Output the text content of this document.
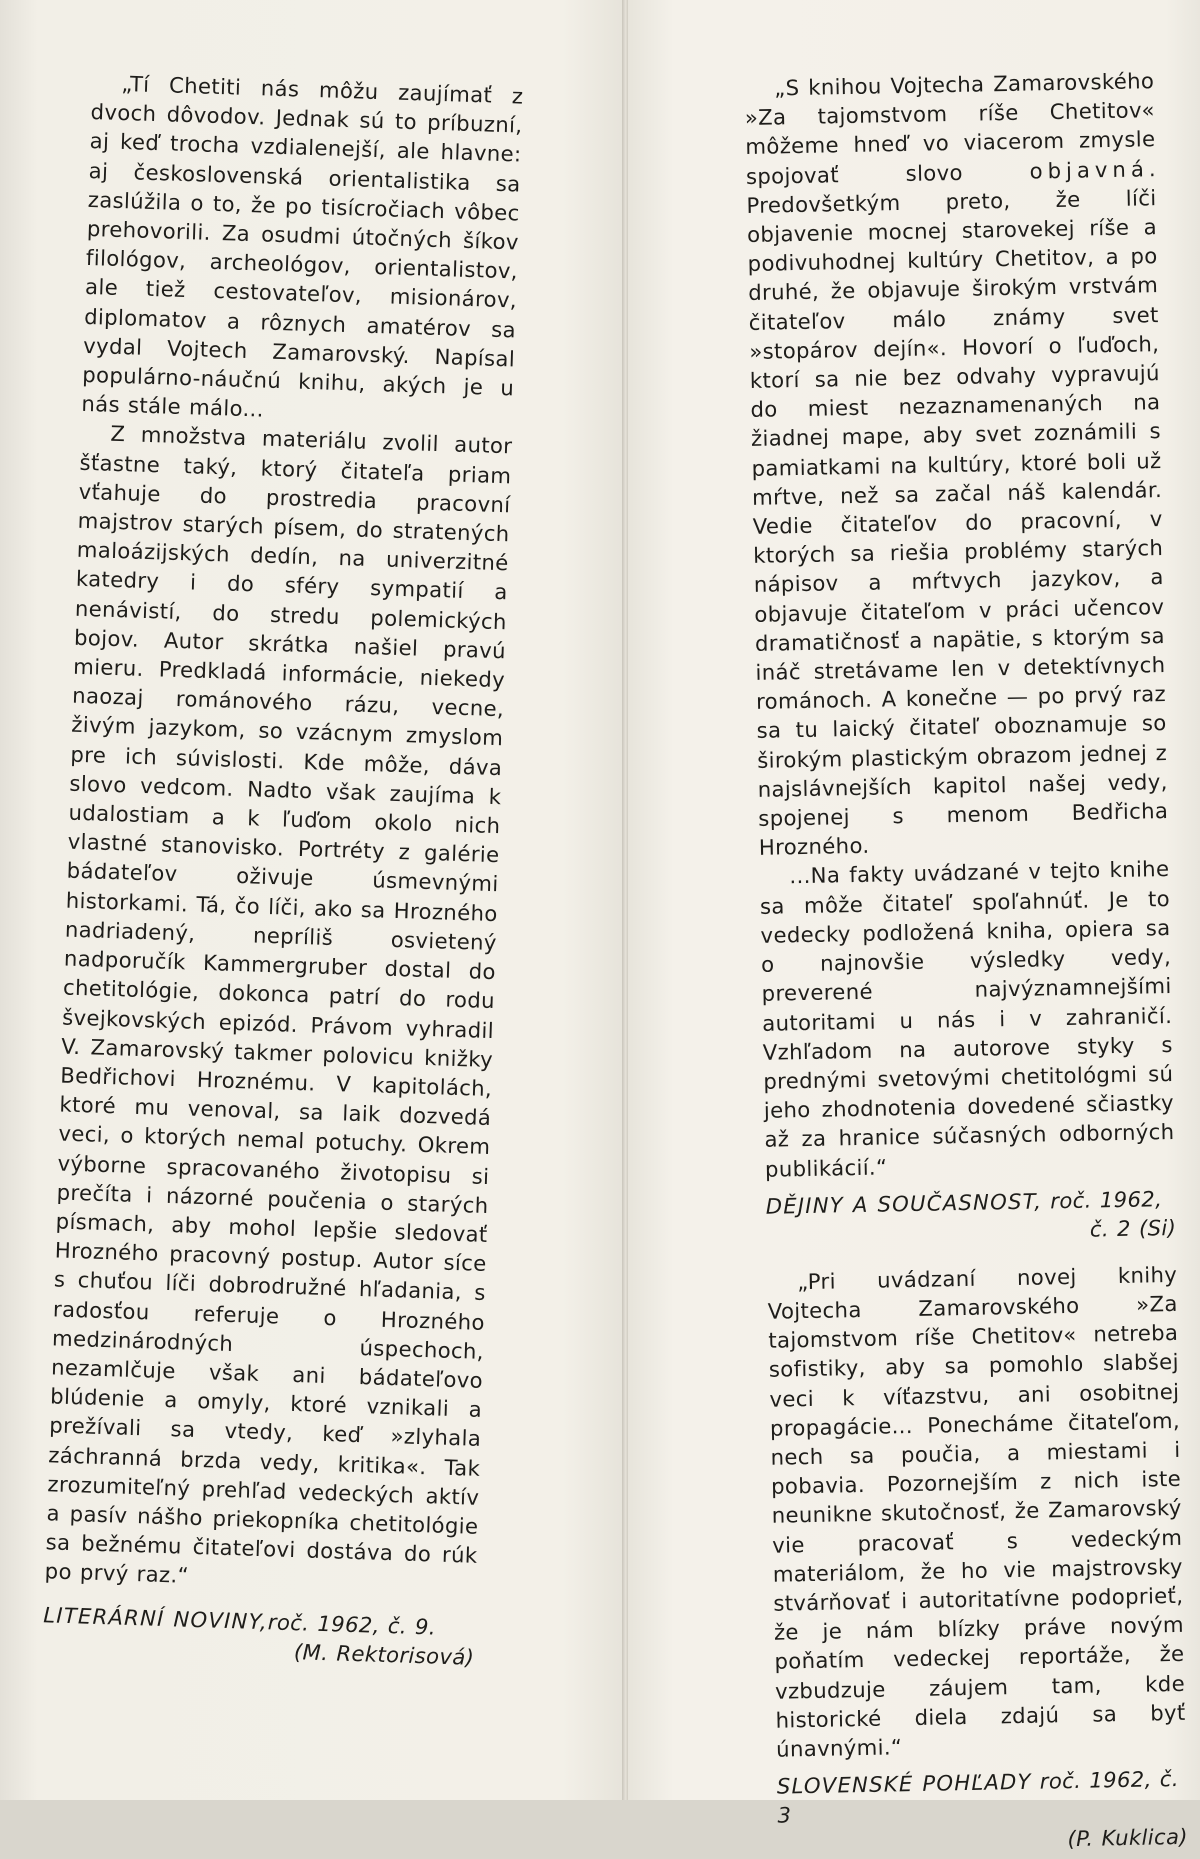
„Tí Chetiti nás môžu zaujímať z dvoch dôvodov. Jednak sú to príbuzní, aj keď trocha vzdialenejší, ale hlavne: aj československá orientalistika sa zaslúžila o to, že po tisícročiach vôbec prehovorili. Za osudmi útočných šíkov filológov, archeológov, orientalistov, ale tiež cestovateľov, misionárov, diplomatov a rôznych amatérov sa vydal Vojtech Zamarovský. Napísal populárno-náučnú knihu, akých je u nás stále málo...
Z množstva materiálu zvolil autor šťastne taký, ktorý čitateľa priam vťahuje do prostredia pracovní majstrov starých písem, do stratených maloázijských dedín, na univerzitné katedry i do sféry sympatií a nenávistí, do stredu polemických bojov. Autor skrátka našiel pravú mieru. Predkladá informácie, niekedy naozaj románového rázu, vecne, živým jazykom, so vzácnym zmyslom pre ich súvislosti. Kde môže, dáva slovo vedcom. Nadto však zaujíma k udalostiam a k ľuďom okolo nich vlastné stanovisko. Portréty z galérie bádateľov oživuje úsmevnými historkami. Tá, čo líči, ako sa Hrozného nadriadený, nepríliš osvietený nadporučík Kammergruber dostal do chetitológie, dokonca patrí do rodu švejkovských epizód. Právom vyhradil V. Zamarovský takmer polovicu knižky Bedřichovi Hroznému. V kapitolách, ktoré mu venoval, sa laik dozvedá veci, o ktorých nemal potuchy. Okrem výborne spracovaného životopisu si prečíta i názorné poučenia o starých písmach, aby mohol lepšie sledovať Hrozného pracovný postup. Autor síce s chuťou líči dobrodružné hľadania, s radosťou referuje o Hrozného medzinárodných úspechoch, nezamlčuje však ani bádateľovo blúdenie a omyly, ktoré vznikali a prežívali sa vtedy, keď »zlyhala záchranná brzda vedy, kritika«. Tak zrozumiteľný prehľad vedeckých aktív a pasív nášho priekopníka chetitológie sa bežnému čitateľovi dostáva do rúk po prvý raz.“
LITERÁRNÍ NOVINY,roč. 1962, č. 9.
(M. Rektorisová)
„S knihou Vojtecha Zamarovského »Za tajomstvom ríše Chetitov« môžeme hneď vo viacerom zmysle spojovať slovo objavná. Predovšetkým preto, že líči objavenie mocnej starovekej ríše a podivuhodnej kultúry Chetitov, a po druhé, že objavuje širokým vrstvám čitateľov málo známy svet »stopárov dejín«. Hovorí o ľuďoch, ktorí sa nie bez odvahy vypravujú do miest nezaznamenaných na žiadnej mape, aby svet zoznámili s pamiatkami na kultúry, ktoré boli už mŕtve, než sa začal náš kalendár. Vedie čitateľov do pracovní, v ktorých sa riešia problémy starých nápisov a mŕtvych jazykov, a objavuje čitateľom v práci učencov dramatičnosť a napätie, s ktorým sa ináč stretávame len v detektívnych románoch. A konečne — po prvý raz sa tu laický čitateľ oboznamuje so širokým plastickým obrazom jednej z najslávnejších kapitol našej vedy, spojenej s menom Bedřicha Hrozného.
...Na fakty uvádzané v tejto knihe sa môže čitateľ spoľahnúť. Je to vedecky podložená kniha, opiera sa o najnovšie výsledky vedy, preverené najvýznamnejšími autoritami u nás i v zahraničí. Vzhľadom na autorove styky s prednými svetovými chetitológmi sú jeho zhodnotenia dovedené sčiastky až za hranice súčasných odborných publikácií.“
DĚJINY A SOUČASNOST, roč. 1962,
č. 2 (Si)
„Pri uvádzaní novej knihy Vojtecha Zamarovského »Za tajomstvom ríše Chetitov« netreba sofistiky, aby sa pomohlo slabšej veci k víťazstvu, ani osobitnej propagácie... Ponecháme čitateľom, nech sa poučia, a miestami i pobavia. Pozornejším z nich iste neunikne skutočnosť, že Zamarovský vie pracovať s vedeckým materiálom, že ho vie majstrovsky stvárňovať i autoritatívne podoprieť, že je nám blízky práve novým poňatím vedeckej reportáže, že vzbudzuje záujem tam, kde historické diela zdajú sa byť únavnými.“
SLOVENSKÉ POHĽADY roč. 1962, č. 3
(P. Kuklica)
